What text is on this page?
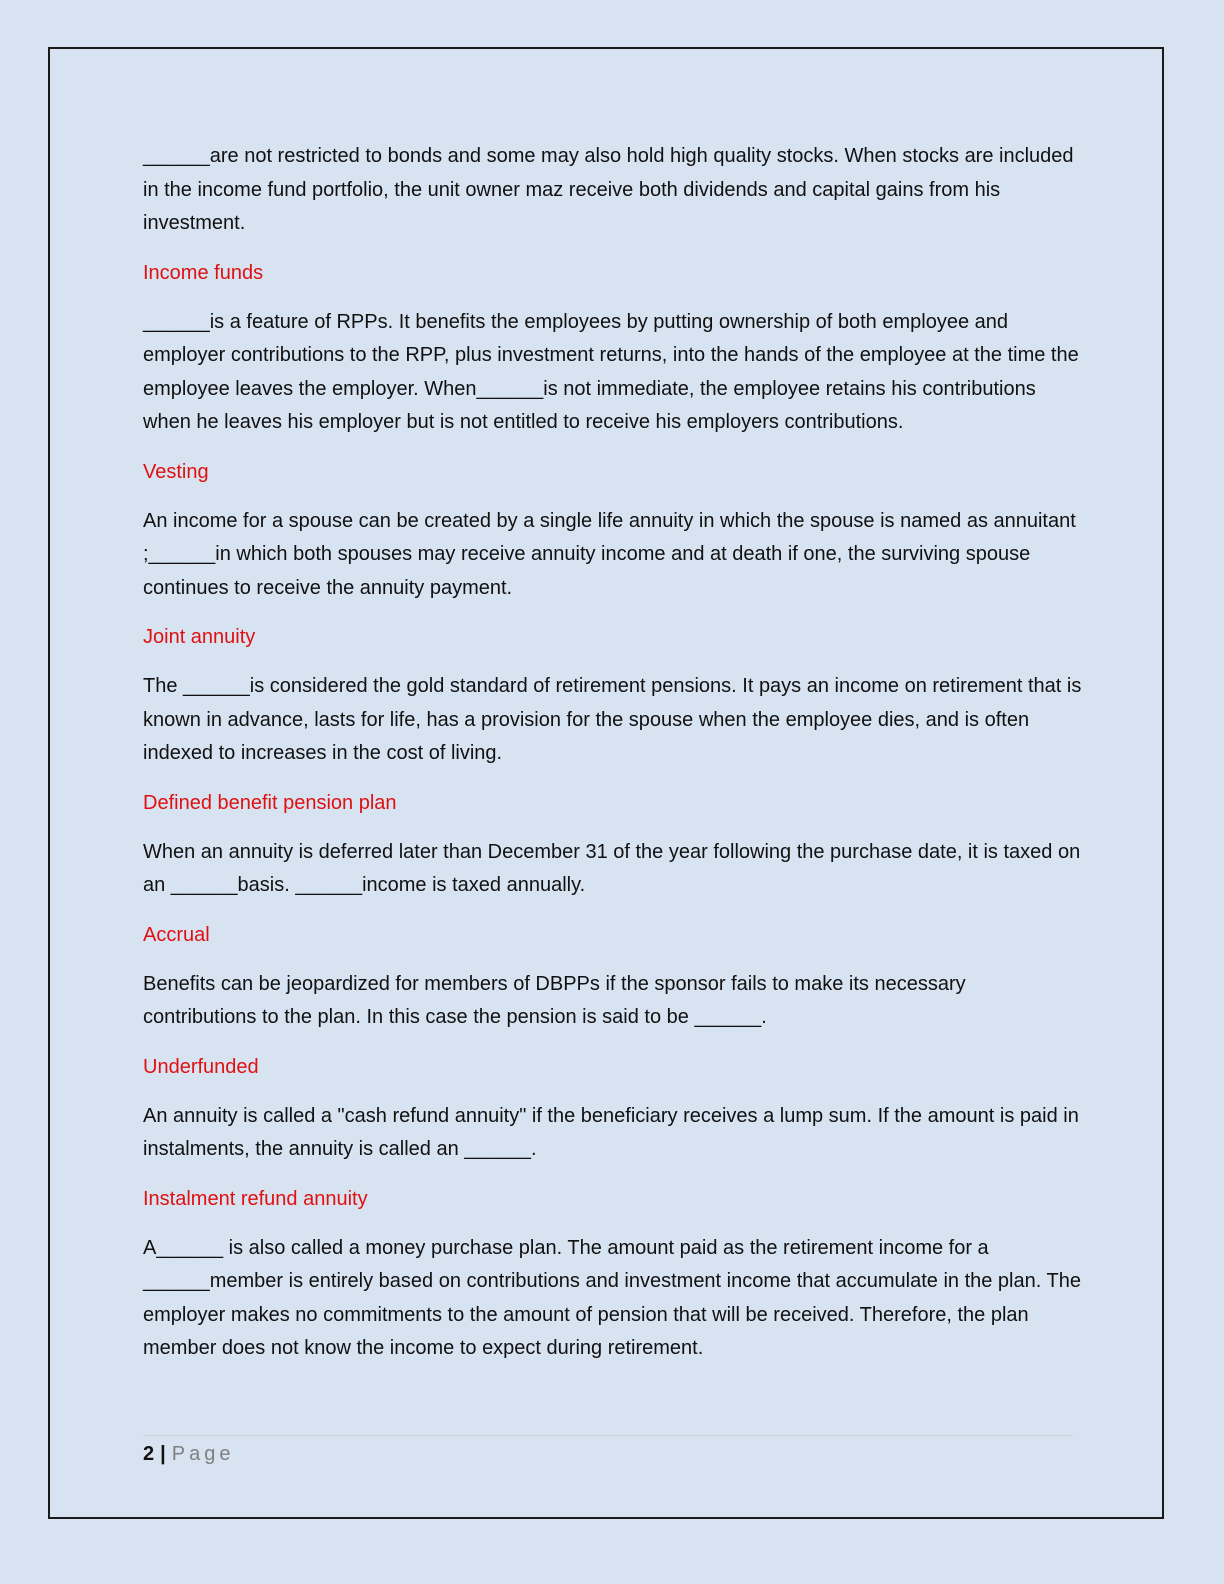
______are not restricted to bonds and some may also hold high quality stocks. When stocks are included in the income fund portfolio, the unit owner maz receive both dividends and capital gains from his investment.

Income funds

______is a feature of RPPs. It benefits the employees by putting ownership of both employee and employer contributions to the RPP, plus investment returns, into the hands of the employee at the time the employee leaves the employer. When______is not immediate, the employee retains his contributions when he leaves his employer but is not entitled to receive his employers contributions.

Vesting

An income for a spouse can be created by a single life annuity in which the spouse is named as annuitant ;______in which both spouses may receive annuity income and at death if one, the surviving spouse continues to receive the annuity payment.

Joint annuity

The ______is considered the gold standard of retirement pensions. It pays an income on retirement that is known in advance, lasts for life, has a provision for the spouse when the employee dies, and is often indexed to increases in the cost of living.

Defined benefit pension plan

When an annuity is deferred later than December 31 of the year following the purchase date, it is taxed on an ______basis. ______income is taxed annually.

Accrual

Benefits can be jeopardized for members of DBPPs if the sponsor fails to make its necessary contributions to the plan. In this case the pension is said to be ______.

Underfunded

An annuity is called a "cash refund annuity" if the beneficiary receives a lump sum. If the amount is paid in instalments, the annuity is called an ______.

Instalment refund annuity

A______ is also called a money purchase plan. The amount paid as the retirement income for a ______member is entirely based on contributions and investment income that accumulate in the plan. The employer makes no commitments to the amount of pension that will be received. Therefore, the plan member does not know the income to expect during retirement.

2 | Page
